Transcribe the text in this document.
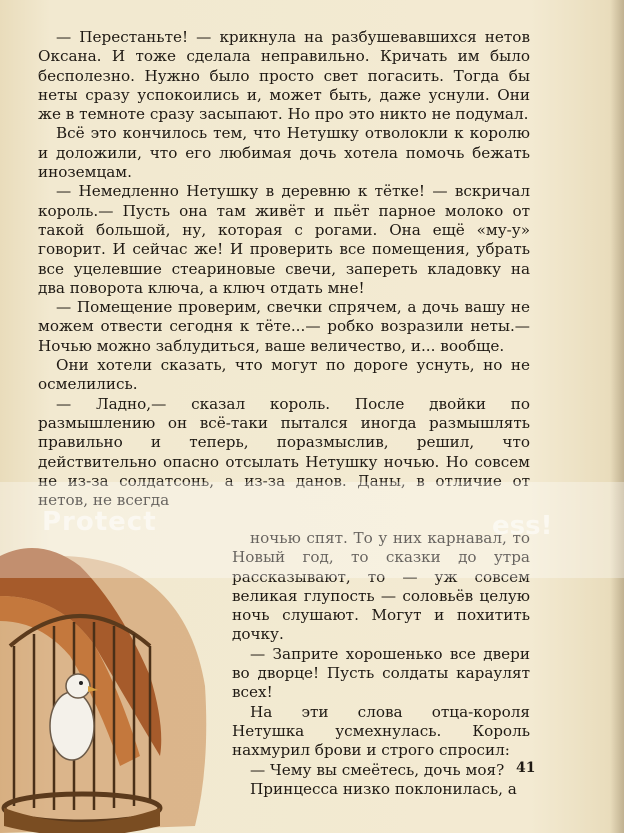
— Перестаньте! — крикнула на разбушевавшихся нетов Оксана. И тоже сделала неправильно. Кричать им было бесполезно. Нужно было просто свет погасить. Тогда бы неты сразу успокоились и, может быть, даже уснули. Они же в темноте сразу засыпают. Но про это никто не подумал.

Всё это кончилось тем, что Нетушку отволокли к королю и доложили, что его любимая дочь хотела помочь бежать иноземцам.

— Немедленно Нетушку в деревню к тётке! — вскричал король.— Пусть она там живёт и пьёт парное молоко от такой большой, ну, которая с рогами. Она ещё «му-у» говорит. И сейчас же! И проверить все помещения, убрать все уцелевшие стеариновые свечи, запереть кладовку на два поворота ключа, а ключ отдать мне!

— Помещение проверим, свечки спрячем, а дочь вашу не можем отвести сегодня к тёте...— робко возразили неты.— Ночью можно заблудиться, ваше величество, и... вообще.

Они хотели сказать, что могут по дороге уснуть, но не осмелились.

— Ладно,— сказал король. После двойки по размышлению он всё-таки пытался иногда размышлять правильно и теперь, поразмыслив, решил, что действительно опасно отсылать Нетушку ночью. Но совсем не из-за солдатсонь, а из-за данов. Даны, в отличие от нетов, не всегда

ночью спят. То у них карнавал, то Новый год, то сказки до утра рассказывают, то — уж совсем великая глупость — соловьёв целую ночь слушают. Могут и похитить дочку.

— Заприте хорошенько все двери во дворце! Пусть солдаты караулят всех!

На эти слова отца-короля Нетушка усмехнулась. Король нахмурил брови и строго спросил:

— Чему вы смеётесь, дочь моя?

Принцесса низко поклонилась, а

Protect	ess!
41
